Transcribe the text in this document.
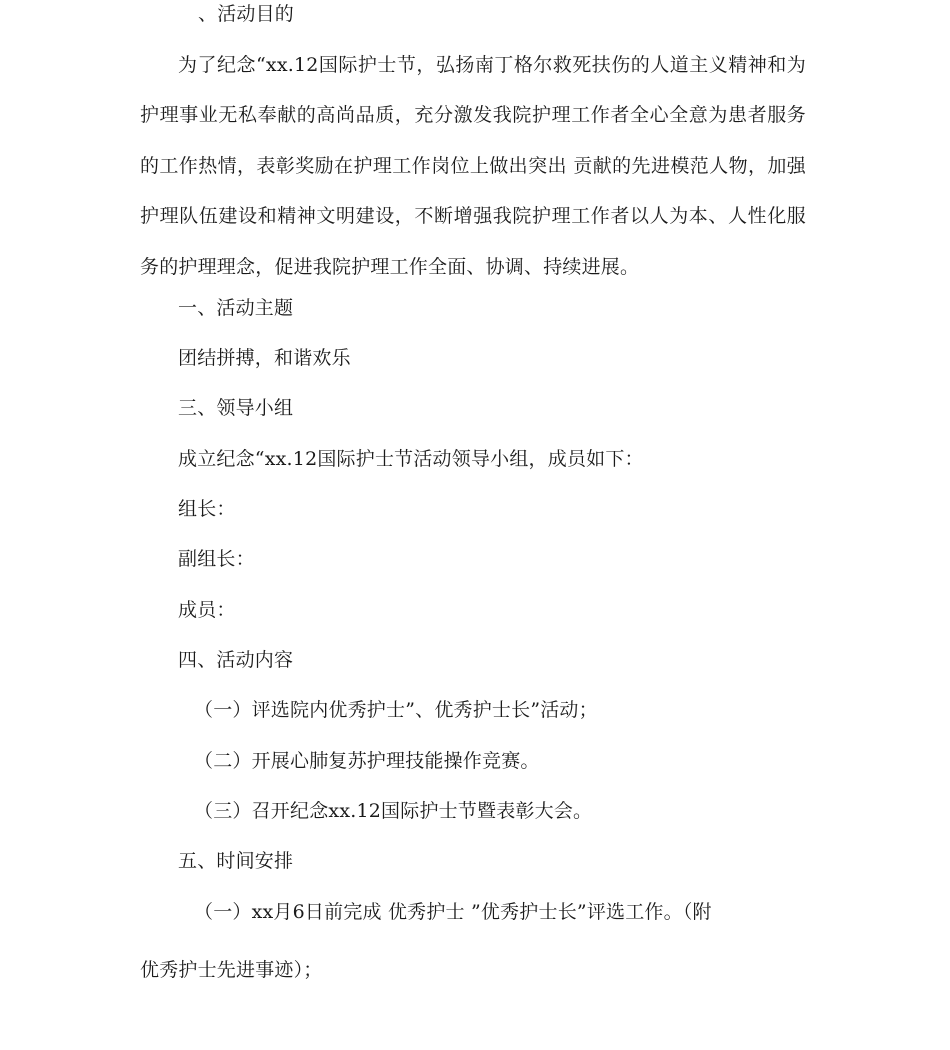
、活动目的
为了纪念“xx.12国际护士节，弘扬南丁格尔救死扶伤的人道主义精神和为护理事业无私奉献的高尚品质，充分激发我院护理工作者全心全意为患者服务的工作热情，表彰奖励在护理工作岗位上做出突出 贡献的先进模范人物，加强护理队伍建设和精神文明建设，不断增强我院护理工作者以人为本、人性化服务的护理理念，促进我院护理工作全面、协调、持续进展。
一、活动主题
团结拼搏，和谐欢乐
三、领导小组
成立纪念“xx.12国际护士节活动领导小组，成员如下：
组长：
副组长：
成员：
四、活动内容
（一）评选院内优秀护士”、优秀护士长”活动；
（二）开展心肺复苏护理技能操作竞赛。
（三）召开纪念xx.12国际护士节暨表彰大会。
五、时间安排
（一）xx月6日前完成 优秀护士 ”优秀护士长”评选工作。（附
优秀护士先进事迹）；
